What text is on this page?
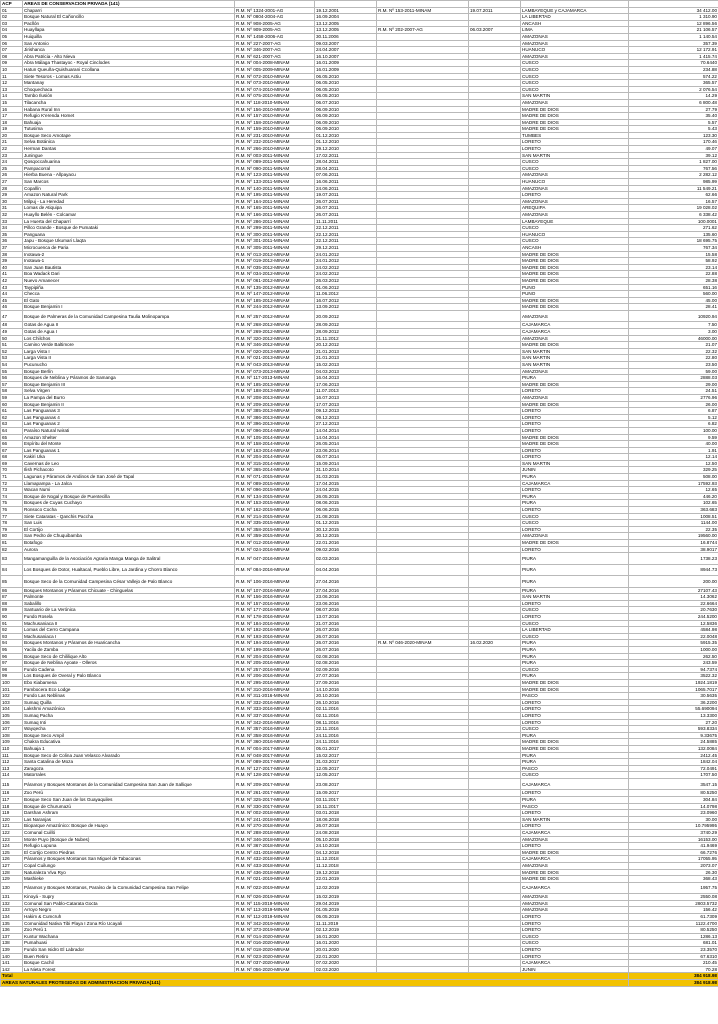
ACP	AREAS DE CONSERVACION PRIVADA (141)						
01	Chaparri	R.M. Nº 1324-2001-AG	19.12.2001	R.M. Nº 153-2011-MINAM	19.07.2011	LAMBAYEQUE y CAJAMARCA	34 412.00
02	Bosque Natural El Cañoncillo	R.M. Nº 0804-2004-AG	16.09.2004			LA LIBERTAD	1 310.90
03	Pacllón	R.M. Nº 908-2005-AG	13.12.2005			ANCASH	12 896.56
04	Huayllapa	R.M. Nº 909-2005-AG	13.12.2005	R.M. Nº 202-2007-AG	06.03.2007	LIMA	21 106.57
05	Huiquilla	R.M. Nº 1458-2006-AG	30.11.2006			AMAZONAS	1 140.54
06	San Antonio	R.M. Nº 227-2007-AG	09.03.2007			AMAZONAS	357.39
07	Jirishanca	R.M. Nº 346-2007-AG	24.04.2007			HUANUCO	12 172.91
08	Abra Patricia - Alto Nieva	R.M. Nº 621-2007-AG	16.10.2007			AMAZONAS	1 415.74
09	Abra Málaga Thastayoc - Royal Cinclodes	R.M. Nº 004-2008-MINAM	16.01.2009			CUSCO	70.6440
10	Hatun Queuña-Quishuarani Ccollana	R.M. Nº 005-2009-MINAM	16.01.2009			CUSCO	234.88
11	Siete Tesoros - Lomas Actiu	R.M. Nº 072-2010-MINAM	06.05.2010			CUSCO	574.22
12	Mantanay	R.M. Nº 073-2010-MINAM	06.05.2010			CUSCO	365.57
13	Choquechaca	R.M. Nº 074-2010-MINAM	06.05.2010			CUSCO	2 076.54
14	Tambo Ilusión	R.M. Nº 075-2010-MINAM	06.05.2010			SAN MARTIN	14.29
15	Tilacancha	R.M. Nº 118-2010-MINAM	06.07.2010			AMAZONAS	6 800.48
16	Habana Rural Inn	R.M. Nº 156-2010-MINAM	06.09.2010			MADRE DE DIOS	27.79
17	Refugio K'erenda Homet	R.M. Nº 157-2010-MINAM	06.09.2010			MADRE DE DIOS	35.40
18	Bahuaja	R.M. Nº 158-2010-MINAM	06.09.2010			MADRE DE DIOS	5.57
19	Tutusima	R.M. Nº 159-2010-MINAM	06.09.2010			MADRE DE DIOS	5.43
20	Bosque Seco Amotape	R.M. Nº 231-2010-MINAM	01.12.2010			TUMBES	123.30
21	Selva Botánica	R.M. Nº 232-2010-MINAM	01.12.2010			LORETO	170.46
22	Herman Dantas	R.M. Nº 266-2010-MINAM	29.12.2010			LORETO	49.07
23	Juningue	R.M. Nº 003-2011-MINAM	17.02.2011			SAN MARTIN	39.12
24	Qosqoccahuarina	R.M. Nº 089-2011-MINAM	28.04.2011			CUSCO	1 827.00
25	Pampacorral	R.M. Nº 090-2011-MINAM	28.04.2011			CUSCO	767.56
26	Hierba Buena - Allpayacu	R.M. Nº 123-2011-MINAM	07.06.2011			AMAZONAS	2 282.12
27	San Marcos	R.M. Nº 133-2011-MINAM	16.06.2011			HUANUCO	985.99
28	Copallín	R.M. Nº 140-2011-MINAM	24.06.2011			AMAZONAS	11 549.21
29	Amazon Natural Park	R.M. Nº 195-2011-MINAM	19.07.2011			LORETO	62.66
30	Milpuj - La Heredad	R.M. Nº 164-2011-MINAM	26.07.2011			AMAZONAS	16.57
31	Lomas de Atiquipa	R.M. Nº 165-2011-MINAM	26.07.2011			AREQUIPA	19 028.02
32	Huayllo Belén - Colcamar	R.M. Nº 166-2011-MINAM	26.07.2011			AMAZONAS	6 338.42
33	La Huerta del Chaparrí	R.M. Nº 286-2011-MINAM	11.11.2011			LAMBAYEQUE	100.0001
34	Pillco Grande - Bosque de Pumataki	R.M. Nº 299-2011-MINAM	22.12.2011			CUSCO	271.62
35	Panguana	R.M. Nº 300-2011-MINAM	22.12.2011			HUANUCO	135.60
36	Japu - Bosque Ukumari Llaqta	R.M. Nº 301-2011-MINAM	22.12.2011			CUSCO	18 695.75
37	Microcuenca de Paria	R.M. Nº 305-2011-MINAM	29.12.2011			ANCASH	767.34
38	Inotawa-2	R.M. Nº 013-2012-MINAM	24.01.2012			MADRE DE DIOS	15.58
39	Inotawa-1	R.M. Nº 019-2012-MINAM	24.01.2012			MADRE DE DIOS	58.92
40	San Juan Bautista	R.M. Nº 035-2012-MINAM	24.02.2012			MADRE DE DIOS	23.14
41	Boa Wadack Dari	R.M. Nº 034-2012-MINAM	24.02.2012			MADRE DE DIOS	22.88
42	Nuevo Amanecer	R.M. Nº 061-2012-MINAM	26.03.2012			MADRE DE DIOS	28.38
43	Taypipiña	R.M. Nº 135-2012-MINAM	01.06.2012			PUNO	651.16
44	Checca	R.M. Nº 147-2012-MINAM	11.06.2012			PUNO	560.00
45	El Gato	R.M. Nº 185-2012-MINAM	16.07.2012			MADRE DE DIOS	45.00
46	Bosque Benjamin I	R.M. Nº 244-2012-MINAM	13.09.2012			MADRE DE DIOS	28.41
47	Bosque de Palmeras de la Comunidad Campesina Taulia Molinopampa	R.M. Nº 257-2012-MINAM	20.09.2012			AMAZONAS	10920.94
48	Gotas de Agua II	R.M. Nº 268-2012-MINAM	28.09.2012			CAJAMARCA	7.50
49	Gotas de Agua I	R.M. Nº 269-2012-MINAM	28.09.2012			CAJAMARCA	3.00
50	Los Chilchos	R.M. Nº 320-2012-MINAM	21.11.2012			AMAZONAS	46000.00
51	Camino Verde Baltimore	R.M. Nº 346-2012-MINAM	20.12.2012			MADRE DE DIOS	21.07
52	Larga Vista I	R.M. Nº 020-2013-MINAM	21.01.2013			SAN MARTIN	22.32
53	Larga Vista II	R.M. Nº 021-2013-MINAM	21.01.2013			SAN MARTIN	22.80
54	Pucunucho	R.M. Nº 043-2013-MINAM	15.02.2013			SAN MARTIN	23.50
55	Bosque Berlín	R.M. Nº 073-2013-MINAM	04.03.2013			AMAZONAS	59.00
56	Bosques de Neblina y Páramos de Samanga	R.M. Nº 117-2013-MINAM	16.04.2013			PIURA	2888.03
57	Bosque Benjamin III	R.M. Nº 185-2013-MINAM	17.06.2013			MADRE DE DIOS	29.00
58	Selva Virgen	R.M. Nº 188-2013-MINAM	11.07.2013			LORETO	24.51
59	La Pampa del Burro	R.M. Nº 208-2013-MINAM	16.07.2013			AMAZONAS	2776.96
60	Bosque Benjamin II	R.M. Nº 209-2013-MINAM	17.07.2013			MADRE DE DIOS	26.00
61	Las Panguanas 3	R.M. Nº 385-2013-MINAM	09.12.2013			LORETO	6.87
62	Las Panguanas 4	R.M. Nº 386-2013-MINAM	09.12.2013			LORETO	5.12
63	Las Panguanas 2	R.M. Nº 396-2013-MINAM	27.12.2013			LORETO	6.82
64	Paraíso Natural Iwirati	R.M. Nº 096-2014-MINAM	14.04.2014			LORETO	100.00
65	Amazon Shelter	R.M. Nº 105-2014-MINAM	14.04.2014			MADRE DE DIOS	9.59
66	Espíritu del Monte	R.M. Nº 158-2014-MINAM	26.05.2014			MADRE DE DIOS	40.00
67	Las Panguanas 1	R.M. Nº 163-2014-MINAM	23.06.2014			LORETO	1.91
68	Kakiri Uka	R.M. Nº 204-2014-MINAM	05.07.2014			LORETO	12.14
69	Cavernas de Leo	R.M. Nº 315-2014-MINAM	15.09.2014			SAN MARTIN	12.50
70	Ilish Pichacoto	R.M. Nº 365-2014-MINAM	31.10.2014			JUNIN	329.25
71	Lagunas y Páramos de Andinos de San José de Tapal	R.M. Nº 071-2015-MINAM	31.03.2015			PIURA	508.00
72	Llamapampa - La Jalca	R.M. Nº 089-2015-MINAM	17.04.2015			CAJAMARCA	17592.93
73	Wacan Numi	R.M. Nº 096-2015-MINAM	24.04.2015			LORETO	12.65
74	Bosque de Nogal y Bosque de Puentecilla	R.M. Nº 134-2015-MINAM	26.05.2015			PIURA	446.20
75	Bosques de Cuyas Cuchayo	R.M. Nº 153-2015-MINAM	08.06.2015			PIURA	102.65
76	Ronsoco Cocha	R.M. Nº 162-2015-MINAM	06.06.2015			LORETO	363.683
77	Siete Cataratas - Qanchis Paccha	R.M. Nº 214-2015-MINAM	21.08.2015			CUSCO	1008.51
78	San Luis	R.M. Nº 335-2015-MINAM	01.12.2015			CUSCO	1144.00
79	El Cortijo	R.M. Nº 358-2015-MINAM	30.12.2015			LORETO	22.35
80	San Pedro de Chuquibamba	R.M. Nº 359-2015-MINAM	30.12.2015			AMAZONAS	19560.00
81	Botafogo	R.M. Nº 012-2016-MINAM	22.01.2016			MADRE DE DIOS	16.8744
82	Aurora	R.M. Nº 024-2016-MINAM	09.02.2016			LORETO	38.9017
83	Mangamanguilla de la Asociación Agraria Manga Manga de Salitral	R.M. Nº 047-2016-MINAM	02.03.2016			PIURA	1738.23
84	Los Bosques de Dotor, Hualtacal, Pueblo Libre, La Jardina y Chorro Blanco	R.M. Nº 084-2016-MINAM	04.04.2016			PIURA	8944.73
85	Bosque Seco de la Comunidad Campesina César Vallejo de Palo Blanco	R.M. Nº 106-2016-MINAM	27.04.2016			PIURA	200.00
86	Bosques Montanos y Páramos Chicuate - Chinguelas	R.M. Nº 107-2016-MINAM	27.04.2016			PIURA	27107.43
87	Palmonte	R.M. Nº 156-2016-MINAM	23.06.2016			SAN MARTIN	14.3062
88	Sabalillo	R.M. Nº 157-2016-MINAM	23.06.2016			LORETO	22.6664
89	Santuario de La Verónica	R.M. Nº 177-2016-MINAM	08.07.2016			CUSCO	20.7630
90	Fundo Rosela	R.M. Nº 178-2016-MINAM	13.07.2016			LORETO	244.5200
91	Machusaniaca II	R.M. Nº 184-2016-MINAM	21.07.2016			CUSCO	12.5836
92	Lomas del Cerro Campana	R.M. Nº 192-2016-MINAM	26.07.2016			LA LIBERTAD	4584.98
93	Machusaniaca I	R.M. Nº 193-2016-MINAM	26.07.2016			CUSCO	22.0048
94	Bosques Montanos y Páramos de Huaricancha	R.M. Nº 194-2016-MINAM	26.07.2016	R.M. Nº 046-2020-MINAM	16.02.2020	PIURA	5915.35
95	Yacila de Zamba	R.M. Nº 199-2016-MINAM	26.07.2016			PIURA	1000.00
96	Bosque Seco de Chililique Alto	R.M. Nº 204-2016-MINAM	02.08.2016			PIURA	262.50
97	Bosque de Neblina Ayoate - Olleros	R.M. Nº 205-2016-MINAM	02.08.2016			PIURA	243.59
98	Fundo Cadena	R.M. Nº 257-2016-MINAM	02.09.2016			CUSCO	94.7374
99	Los Bosques de Overal y Palo Blanco	R.M. Nº 206-2016-MINAM	27.07.2016			PIURA	3522.32
100	Ebo Kiabamena	R.M. Nº 295-2016-MINAM	27.09.2016			MADRE DE DIOS	1924.1819
101	Fambocera Eco Lodge	R.M. Nº 310-2016-MINAM	14.10.2016			MADRE DE DIOS	1065.7017
102	Fundo Las Neblinas	R.M. Nº 311-2016-MINAM	20.10.2016			PASCO	30.5635
103	Sumaq Quilla	R.M. Nº 332-2016-MINAM	26.10.2016			LORETO	36.2200
104	Lakshmi Amazónica	R.M. Nº 333-2016-MINAM	02.11.2016			LORETO	55.690094
105	Sumaq Pacha	R.M. Nº 337-2016-MINAM	02.11.2016			LORETO	13.3300
106	Sumaq Inti	R.M. Nº 342-2016-MINAM	08.11.2016			LORETO	27.20
107	Wayqecha	R.M. Nº 357-2016-MINAM	22.11.2016			CUSCO	593.8334
108	Bosque Seco Ampil	R.M. Nº 358-2016-MINAM	24.11.2016			PIURA	9.33675
109	Chakra Educativa	R.M. Nº 360-2016-MINAM	24.11.2016			MADRE DE DIOS	24.5885
110	Bahuaja 1	R.M. Nº 004-2017-MINAM	05.01.2017			MADRE DE DIOS	132.0084
111	Bosque Seco de Colina Juan Velasco Alvarado	R.M. Nº 048-2017-MINAM	15.02.2017			PIURA	2412.45
112	Santa Catalina de Moza	R.M. Nº 089-2017-MINAM	31.03.2017			PIURA	1842.04
113	Zaragoza	R.M. Nº 127-2017-MINAM	12.05.2017			PASCO	72.0491
114	Matorrales	R.M. Nº 128-2017-MINAM	12.05.2017			CUSCO	1707.50
115	Páramos y Bosques Montanos de la Comunidad Campesina San Juan de Sallique	R.M. Nº 209-2017-MINAM	23.08.2017			CAJAMARCA	3547.15
116	Zoo Perú	R.M. Nº 261-2017-MINAM	15.09.2017			LORETO	80.5250
117	Bosque Seco San Juan de los Guayaquiles	R.M. Nº 325-2017-MINAM	03.11.2017			PIURA	304.84
118	Bosque de Churumazú	R.M. Nº 330-2017-MINAM	10.11.2017			PASCO	14.0798
119	Darshan Ashram	R.M. Nº 002-2018-MINAM	03.01.2018			LORETO	23.0960
120	Las Naranjas	R.M. Nº 241-2018-MINAM	18.06.2018			SAN MARTIN	30.00
121	Bioparque Amazónico: Bosque de Huayo	R.M. Nº 270-2018-MINAM	26.07.2018			LORETO	10.795995
122	Comunal Cuilló	R.M. Nº 288-2018-MINAM	24.08.2018			CAJAMARCA	3740.29
123	Monte Puyo (Bosque de Nubes)	R.M. Nº 346-2018-MINAM	05.10.2018			AMAZONAS	16153.00
124	Refugio Lupuna	R.M. Nº 367-2018-MINAM	24.10.2018			LORETO	41.9469
125	El Cortijo Centro Piedras	R.M. Nº 431-2018-MINAM	04.12.2018			MADRE DE DIOS	66.7276
126	Páramos y Bosques Montanos San Miguel de Tabaconas	R.M. Nº 432-2018-MINAM	11.12.2018			CAJAMARCA	17055.95
127	Copal Cuilungo	R.M. Nº 433-2018-MINAM	11.12.2018			AMAZONAS	2073.07
128	Naturaleza Viva Ryo	R.M. Nº 436-2018-MINAM	19.12.2018			MADRE DE DIOS	26.30
129	Mashieke	R.M. Nº 021-2019-MINAM	22.01.2019			MADRE DE DIOS	368.43
130	Páramos y Bosques Montanos, Paraíso de la Comunidad Campesina San Felipe	R.M. Nº 022-2019-MINAM	12.02.2019			CAJAMARCA	1957.75
131	Kinoyá - Supry	R.M. Nº 026-2019-MINAM	15.02.2019			AMAZONAS	2550.08
132	Comunal San Pablo-Catarata Gocta	R.M. Nº 115-2019-MINAM	29.04.2019			AMAZONAS	2803.5732
133	Arroyo Negro	R.M. Nº 113-2019-MINAM	01.05.2019			AMAZONAS	156.42
134	Hakim & Cumcruh	R.M. Nº 112-2019-MINAM	05.05.2019			LORETO	61.7309
135	Comunidad Nativa Tibi Playa I Zona Río Ucayali	R.M. Nº 342-2019-MINAM	11.11.2019			LORETO	1122.4700
136	Zoo Perú 1	R.M. Nº 373-2019-MINAM	02.12.2019			LORETO	80.5250
137	Kuntur Wachana	R.M. Nº 014-2020-MINAM	16.01.2020			CUSCO	1286.13
138	Pumahuasi	R.M. Nº 016-2020-MINAM	16.01.2020			CUSCO	681.01
139	Fundo San Isidro El Labrador	R.M. Nº 018-2020-MINAM	20.01.2020			LORETO	23.3570
140	Buen Retiro	R.M. Nº 023-2020-MINAM	22.01.2020			LORETO	67.6310
141	Bosque Cachil	R.M. Nº 037-2020-MINAM	07.02.2020			CAJAMARCA	210.45
142	La Nieta Forest	R.M. Nº 056-2020-MINAM	02.03.2020			JUNIN	70.28
Total							384 918.98
AREAS NATURALES PROTEGIDAS DE ADMINISTRACION PRIVADA(141)							384 918.98
